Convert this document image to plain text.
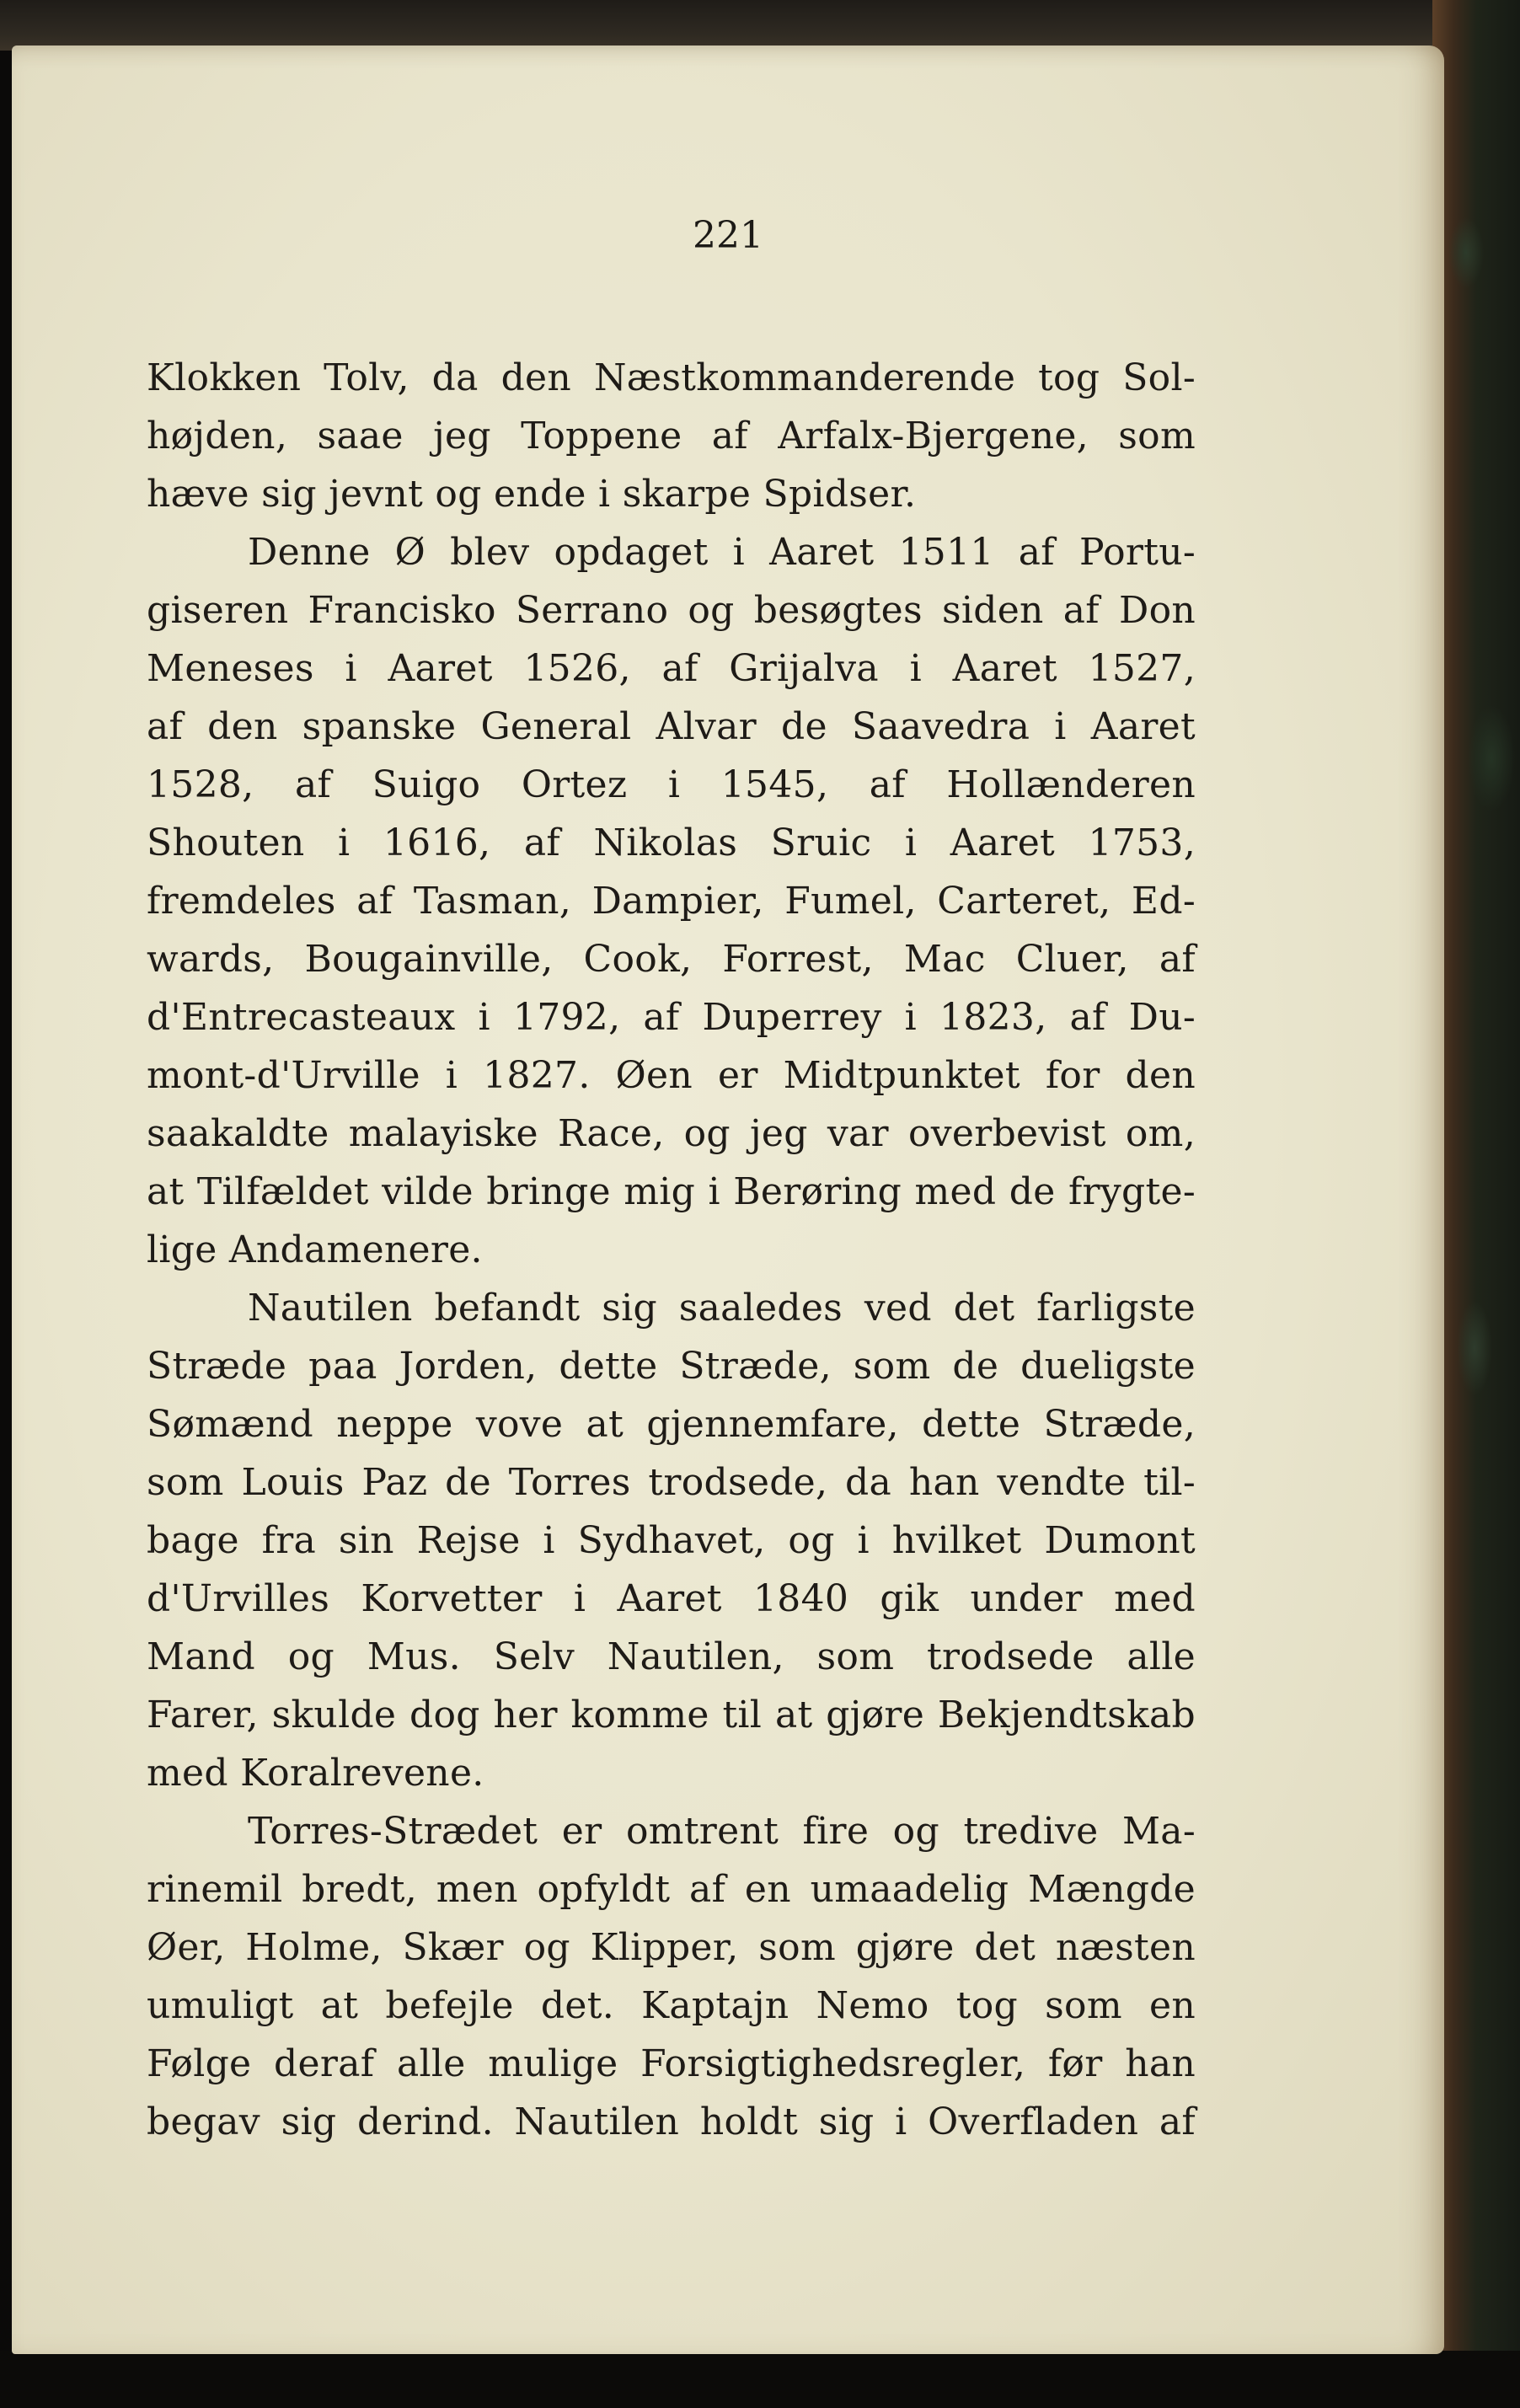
221

Klokken Tolv, da den Næstkommanderende tog Sol-
højden, saae jeg Toppene af Arfalx-Bjergene, som
hæve sig jevnt og ende i skarpe Spidser.
Denne Ø blev opdaget i Aaret 1511 af Portu-
giseren Francisko Serrano og besøgtes siden af Don
Meneses i Aaret 1526, af Grijalva i Aaret 1527,
af den spanske General Alvar de Saavedra i Aaret
1528, af Suigo Ortez i 1545, af Hollænderen
Shouten i 1616, af Nikolas Sruic i Aaret 1753,
fremdeles af Tasman, Dampier, Fumel, Carteret, Ed-
wards, Bougainville, Cook, Forrest, Mac Cluer, af
d'Entrecasteaux i 1792, af Duperrey i 1823, af Du-
mont-d'Urville i 1827. Øen er Midtpunktet for den
saakaldte malayiske Race, og jeg var overbevist om,
at Tilfældet vilde bringe mig i Berøring med de frygte-
lige Andamenere.
Nautilen befandt sig saaledes ved det farligste
Stræde paa Jorden, dette Stræde, som de dueligste
Sømænd neppe vove at gjennemfare, dette Stræde,
som Louis Paz de Torres trodsede, da han vendte til-
bage fra sin Rejse i Sydhavet, og i hvilket Dumont
d'Urvilles Korvetter i Aaret 1840 gik under med
Mand og Mus. Selv Nautilen, som trodsede alle
Farer, skulde dog her komme til at gjøre Bekjendtskab
med Koralrevene.
Torres-Strædet er omtrent fire og tredive Ma-
rinemil bredt, men opfyldt af en umaadelig Mængde
Øer, Holme, Skær og Klipper, som gjøre det næsten
umuligt at befejle det. Kaptajn Nemo tog som en
Følge deraf alle mulige Forsigtighedsregler, før han
begav sig derind. Nautilen holdt sig i Overfladen af
